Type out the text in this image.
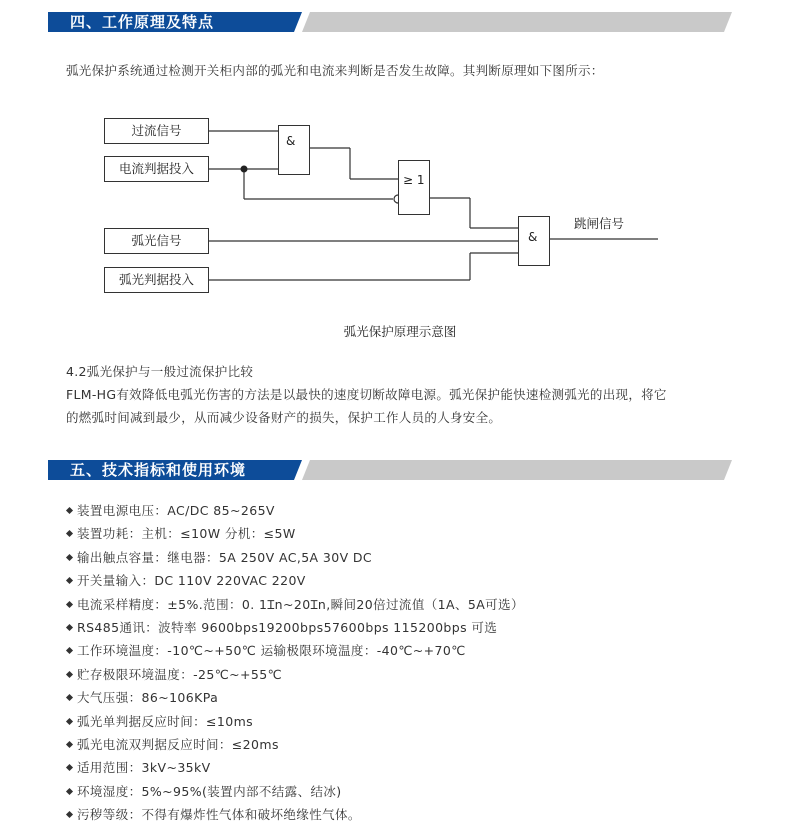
四、工作原理及特点
弧光保护系统通过检测开关柜内部的弧光和电流来判断是否发生故障。其判断原理如下图所示：
过流信号
电流判据投入
弧光信号
弧光判据投入
&
≥ 1
&
跳闸信号
弧光保护原理示意图
4.2弧光保护与一般过流保护比较
FLM-HG有效降低电弧光伤害的方法是以最快的速度切断故障电源。弧光保护能快速检测弧光的出现，将它
的燃弧时间减到最少，从而减少设备财产的损失，保护工作人员的人身安全。
五、技术指标和使用环境
装置电源电压：AC/DC 85~265V
装置功耗：主机：≤10W 分机：≤5W
输出触点容量：继电器：5A 250V AC,5A 30V DC
开关量输入：DC 110V 220VAC 220V
电流采样精度：±5%.范围：0. 1Ɪn~20Ɪn,瞬间20倍过流值（1A、5A可选）
RS485通讯：波特率 9600bps19200bps57600bps 115200bps 可选
工作环境温度：-10℃~+50℃ 运输极限环境温度：-40℃~+70℃
贮存极限环境温度：-25℃~+55℃
大气压强：86~106KPa
弧光单判据反应时间：≤10ms
弧光电流双判据反应时间：≤20ms
适用范围：3kV~35kV
环境湿度：5%~95%(装置内部不结露、结冰)
污秽等级：不得有爆炸性气体和破坏绝缘性气体。
